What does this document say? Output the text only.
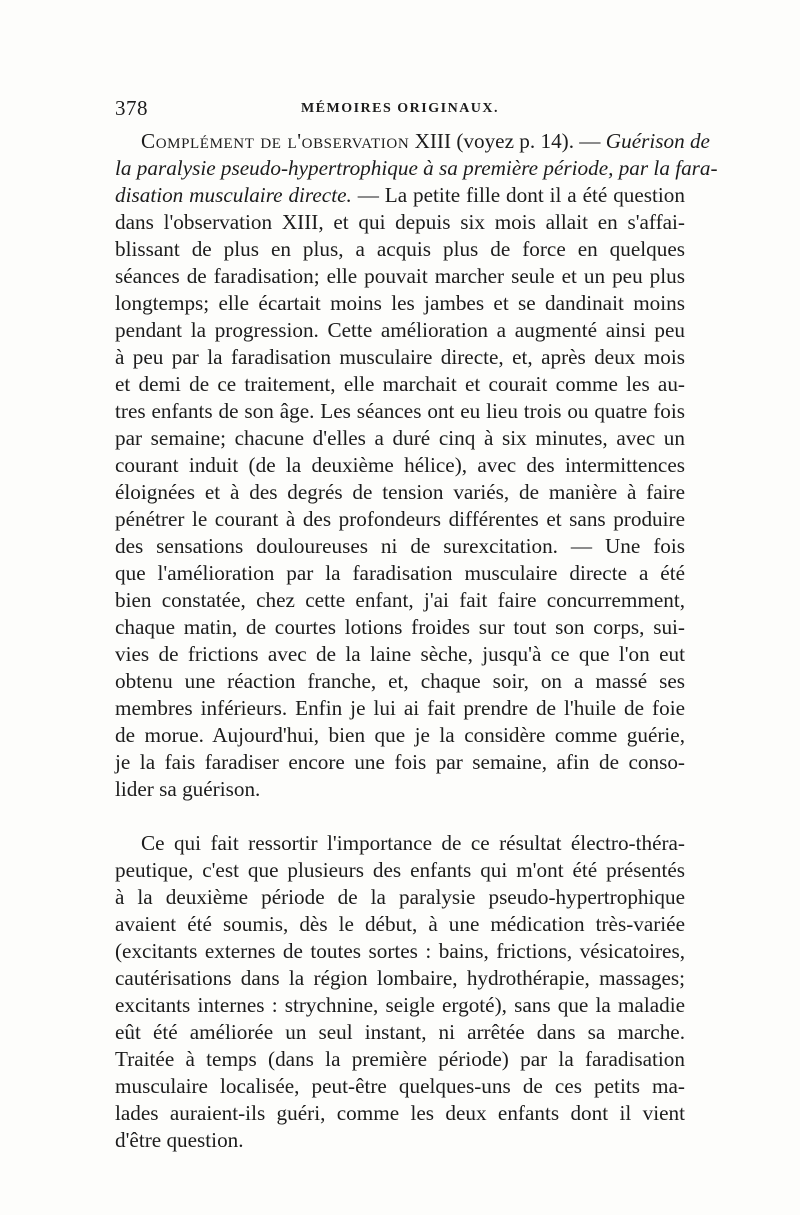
378	MÉMOIRES ORIGINAUX.
Complément de l'observation XIII (voyez p. 14). — Guérison de
la paralysie pseudo-hypertrophique à sa première période, par la fara-
disation musculaire directe. — La petite fille dont il a été question
dans l'observation XIII, et qui depuis six mois allait en s'affai-
blissant de plus en plus, a acquis plus de force en quelques
séances de faradisation; elle pouvait marcher seule et un peu plus
longtemps; elle écartait moins les jambes et se dandinait moins
pendant la progression. Cette amélioration a augmenté ainsi peu
à peu par la faradisation musculaire directe, et, après deux mois
et demi de ce traitement, elle marchait et courait comme les au-
tres enfants de son âge. Les séances ont eu lieu trois ou quatre fois
par semaine; chacune d'elles a duré cinq à six minutes, avec un
courant induit (de la deuxième hélice), avec des intermittences
éloignées et à des degrés de tension variés, de manière à faire
pénétrer le courant à des profondeurs différentes et sans produire
des sensations douloureuses ni de surexcitation. — Une fois
que l'amélioration par la faradisation musculaire directe a été
bien constatée, chez cette enfant, j'ai fait faire concurremment,
chaque matin, de courtes lotions froides sur tout son corps, sui-
vies de frictions avec de la laine sèche, jusqu'à ce que l'on eut
obtenu une réaction franche, et, chaque soir, on a massé ses
membres inférieurs. Enfin je lui ai fait prendre de l'huile de foie
de morue. Aujourd'hui, bien que je la considère comme guérie,
je la fais faradiser encore une fois par semaine, afin de conso-
lider sa guérison.
Ce qui fait ressortir l'importance de ce résultat électro-théra-
peutique, c'est que plusieurs des enfants qui m'ont été présentés
à la deuxième période de la paralysie pseudo-hypertrophique
avaient été soumis, dès le début, à une médication très-variée
(excitants externes de toutes sortes : bains, frictions, vésicatoires,
cautérisations dans la région lombaire, hydrothérapie, massages;
excitants internes : strychnine, seigle ergoté), sans que la maladie
eût été améliorée un seul instant, ni arrêtée dans sa marche.
Traitée à temps (dans la première période) par la faradisation
musculaire localisée, peut-être quelques-uns de ces petits ma-
lades auraient-ils guéri, comme les deux enfants dont il vient
d'être question.
